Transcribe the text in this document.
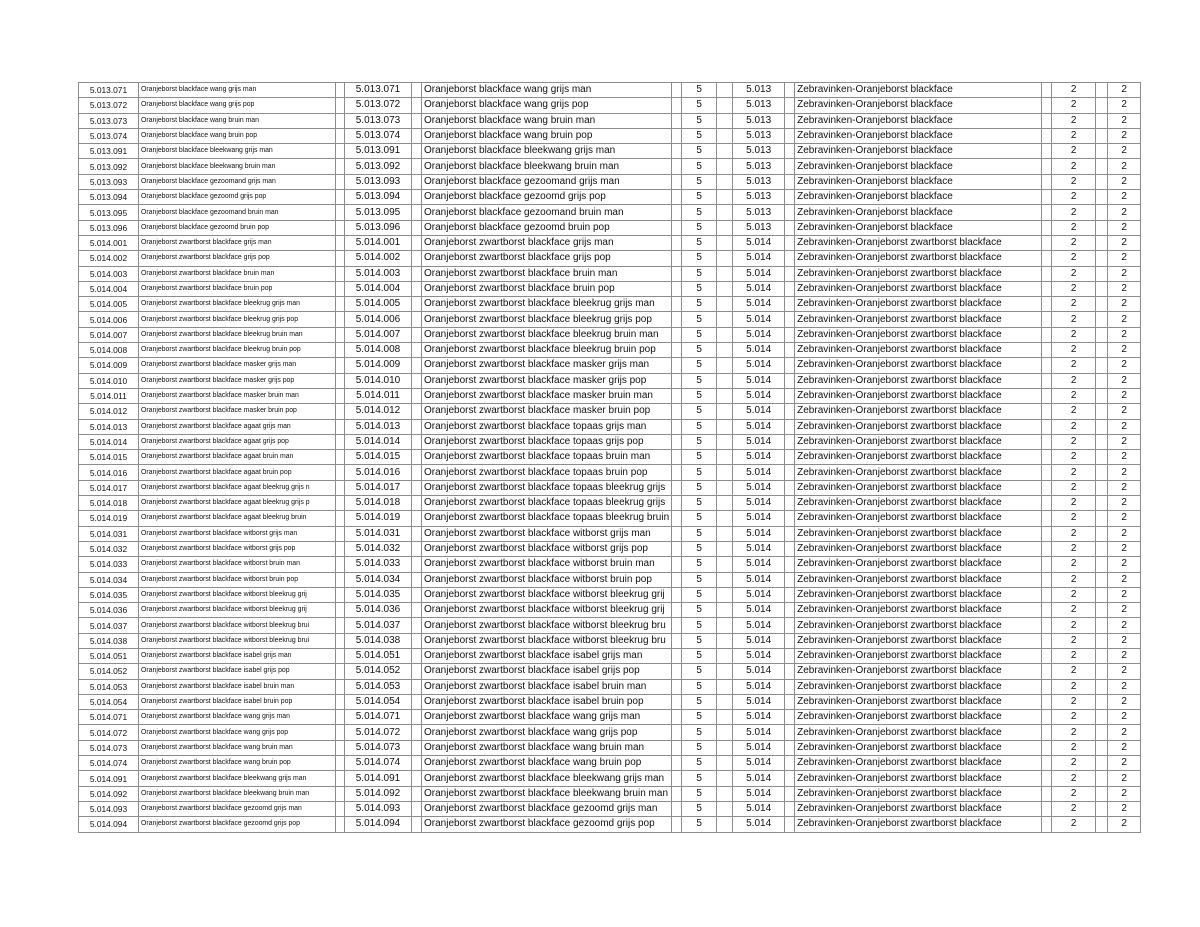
5.013.071	Oranjeborst blackface wang grijs man		5.013.071		Oranjeborst blackface wang grijs man		5		5.013		Zebravinken-Oranjeborst blackface		2		2
5.013.072	Oranjeborst blackface wang grijs pop		5.013.072		Oranjeborst blackface wang grijs pop		5		5.013		Zebravinken-Oranjeborst blackface		2		2
5.013.073	Oranjeborst blackface wang bruin man		5.013.073		Oranjeborst blackface wang bruin man		5		5.013		Zebravinken-Oranjeborst blackface		2		2
5.013.074	Oranjeborst blackface wang bruin pop		5.013.074		Oranjeborst blackface wang bruin pop		5		5.013		Zebravinken-Oranjeborst blackface		2		2
5.013.091	Oranjeborst blackface bleekwang grijs man		5.013.091		Oranjeborst blackface bleekwang grijs man		5		5.013		Zebravinken-Oranjeborst blackface		2		2
5.013.092	Oranjeborst blackface bleekwang bruin man		5.013.092		Oranjeborst blackface bleekwang bruin man		5		5.013		Zebravinken-Oranjeborst blackface		2		2
5.013.093	Oranjeborst blackface gezoomand grijs man		5.013.093		Oranjeborst blackface gezoomand grijs man		5		5.013		Zebravinken-Oranjeborst blackface		2		2
5.013.094	Oranjeborst blackface gezoomd grijs pop		5.013.094		Oranjeborst blackface gezoomd grijs pop		5		5.013		Zebravinken-Oranjeborst blackface		2		2
5.013.095	Oranjeborst blackface gezoomand bruin man		5.013.095		Oranjeborst blackface gezoomand bruin man		5		5.013		Zebravinken-Oranjeborst blackface		2		2
5.013.096	Oranjeborst blackface gezoomd bruin pop		5.013.096		Oranjeborst blackface gezoomd bruin pop		5		5.013		Zebravinken-Oranjeborst blackface		2		2
5.014.001	Oranjeborst zwartborst blackface grijs man		5.014.001		Oranjeborst zwartborst blackface grijs man		5		5.014		Zebravinken-Oranjeborst zwartborst blackface		2		2
5.014.002	Oranjeborst zwartborst blackface grijs pop		5.014.002		Oranjeborst zwartborst blackface grijs pop		5		5.014		Zebravinken-Oranjeborst zwartborst blackface		2		2
5.014.003	Oranjeborst zwartborst blackface bruin man		5.014.003		Oranjeborst zwartborst blackface bruin man		5		5.014		Zebravinken-Oranjeborst zwartborst blackface		2		2
5.014.004	Oranjeborst zwartborst blackface bruin pop		5.014.004		Oranjeborst zwartborst blackface bruin pop		5		5.014		Zebravinken-Oranjeborst zwartborst blackface		2		2
5.014.005	Oranjeborst zwartborst blackface bleekrug grijs man		5.014.005		Oranjeborst zwartborst blackface bleekrug grijs man		5		5.014		Zebravinken-Oranjeborst zwartborst blackface		2		2
5.014.006	Oranjeborst zwartborst blackface bleekrug grijs pop		5.014.006		Oranjeborst zwartborst blackface bleekrug grijs pop		5		5.014		Zebravinken-Oranjeborst zwartborst blackface		2		2
5.014.007	Oranjeborst zwartborst blackface bleekrug bruin man		5.014.007		Oranjeborst zwartborst blackface bleekrug bruin man		5		5.014		Zebravinken-Oranjeborst zwartborst blackface		2		2
5.014.008	Oranjeborst zwartborst blackface bleekrug bruin pop		5.014.008		Oranjeborst zwartborst blackface bleekrug bruin pop		5		5.014		Zebravinken-Oranjeborst zwartborst blackface		2		2
5.014.009	Oranjeborst zwartborst blackface masker grijs man		5.014.009		Oranjeborst zwartborst blackface masker grijs man		5		5.014		Zebravinken-Oranjeborst zwartborst blackface		2		2
5.014.010	Oranjeborst zwartborst blackface masker grijs pop		5.014.010		Oranjeborst zwartborst blackface masker grijs pop		5		5.014		Zebravinken-Oranjeborst zwartborst blackface		2		2
5.014.011	Oranjeborst zwartborst blackface masker bruin man		5.014.011		Oranjeborst zwartborst blackface masker bruin man		5		5.014		Zebravinken-Oranjeborst zwartborst blackface		2		2
5.014.012	Oranjeborst zwartborst blackface masker bruin pop		5.014.012		Oranjeborst zwartborst blackface masker bruin pop		5		5.014		Zebravinken-Oranjeborst zwartborst blackface		2		2
5.014.013	Oranjeborst zwartborst blackface agaat grijs man		5.014.013		Oranjeborst zwartborst blackface topaas grijs man		5		5.014		Zebravinken-Oranjeborst zwartborst blackface		2		2
5.014.014	Oranjeborst zwartborst blackface agaat grijs pop		5.014.014		Oranjeborst zwartborst blackface topaas grijs pop		5		5.014		Zebravinken-Oranjeborst zwartborst blackface		2		2
5.014.015	Oranjeborst zwartborst blackface agaat bruin man		5.014.015		Oranjeborst zwartborst blackface topaas bruin man		5		5.014		Zebravinken-Oranjeborst zwartborst blackface		2		2
5.014.016	Oranjeborst zwartborst blackface agaat bruin pop		5.014.016		Oranjeborst zwartborst blackface topaas bruin pop		5		5.014		Zebravinken-Oranjeborst zwartborst blackface		2		2
5.014.017	Oranjeborst zwartborst blackface agaat bleekrug grijs n		5.014.017		Oranjeborst zwartborst blackface topaas bleekrug grijs		5		5.014		Zebravinken-Oranjeborst zwartborst blackface		2		2
5.014.018	Oranjeborst zwartborst blackface agaat bleekrug grijs p		5.014.018		Oranjeborst zwartborst blackface topaas bleekrug grijs		5		5.014		Zebravinken-Oranjeborst zwartborst blackface		2		2
5.014.019	Oranjeborst zwartborst blackface agaat bleekrug bruin		5.014.019		Oranjeborst zwartborst blackface topaas bleekrug bruin		5		5.014		Zebravinken-Oranjeborst zwartborst blackface		2		2
5.014.031	Oranjeborst zwartborst blackface witborst grijs man		5.014.031		Oranjeborst zwartborst blackface witborst grijs man		5		5.014		Zebravinken-Oranjeborst zwartborst blackface		2		2
5.014.032	Oranjeborst zwartborst blackface witborst grijs pop		5.014.032		Oranjeborst zwartborst blackface witborst grijs pop		5		5.014		Zebravinken-Oranjeborst zwartborst blackface		2		2
5.014.033	Oranjeborst zwartborst blackface witborst bruin man		5.014.033		Oranjeborst zwartborst blackface witborst bruin man		5		5.014		Zebravinken-Oranjeborst zwartborst blackface		2		2
5.014.034	Oranjeborst zwartborst blackface witborst bruin pop		5.014.034		Oranjeborst zwartborst blackface witborst bruin pop		5		5.014		Zebravinken-Oranjeborst zwartborst blackface		2		2
5.014.035	Oranjeborst zwartborst blackface witborst bleekrug grij		5.014.035		Oranjeborst zwartborst blackface witborst bleekrug grij		5		5.014		Zebravinken-Oranjeborst zwartborst blackface		2		2
5.014.036	Oranjeborst zwartborst blackface witborst bleekrug grij		5.014.036		Oranjeborst zwartborst blackface witborst bleekrug grij		5		5.014		Zebravinken-Oranjeborst zwartborst blackface		2		2
5.014.037	Oranjeborst zwartborst blackface witborst bleekrug brui		5.014.037		Oranjeborst zwartborst blackface witborst bleekrug bru		5		5.014		Zebravinken-Oranjeborst zwartborst blackface		2		2
5.014.038	Oranjeborst zwartborst blackface witborst bleekrug brui		5.014.038		Oranjeborst zwartborst blackface witborst bleekrug bru		5		5.014		Zebravinken-Oranjeborst zwartborst blackface		2		2
5.014.051	Oranjeborst zwartborst blackface isabel grijs man		5.014.051		Oranjeborst zwartborst blackface isabel grijs man		5		5.014		Zebravinken-Oranjeborst zwartborst blackface		2		2
5.014.052	Oranjeborst zwartborst blackface isabel grijs pop		5.014.052		Oranjeborst zwartborst blackface isabel grijs pop		5		5.014		Zebravinken-Oranjeborst zwartborst blackface		2		2
5.014.053	Oranjeborst zwartborst blackface isabel bruin man		5.014.053		Oranjeborst zwartborst blackface isabel bruin man		5		5.014		Zebravinken-Oranjeborst zwartborst blackface		2		2
5.014.054	Oranjeborst zwartborst blackface isabel bruin pop		5.014.054		Oranjeborst zwartborst blackface isabel bruin pop		5		5.014		Zebravinken-Oranjeborst zwartborst blackface		2		2
5.014.071	Oranjeborst zwartborst blackface wang grijs man		5.014.071		Oranjeborst zwartborst blackface wang grijs man		5		5.014		Zebravinken-Oranjeborst zwartborst blackface		2		2
5.014.072	Oranjeborst zwartborst blackface wang grijs pop		5.014.072		Oranjeborst zwartborst blackface wang grijs pop		5		5.014		Zebravinken-Oranjeborst zwartborst blackface		2		2
5.014.073	Oranjeborst zwartborst blackface wang bruin man		5.014.073		Oranjeborst zwartborst blackface wang bruin man		5		5.014		Zebravinken-Oranjeborst zwartborst blackface		2		2
5.014.074	Oranjeborst zwartborst blackface wang bruin pop		5.014.074		Oranjeborst zwartborst blackface wang bruin pop		5		5.014		Zebravinken-Oranjeborst zwartborst blackface		2		2
5.014.091	Oranjeborst zwartborst blackface bleekwang grijs man		5.014.091		Oranjeborst zwartborst blackface bleekwang grijs man		5		5.014		Zebravinken-Oranjeborst zwartborst blackface		2		2
5.014.092	Oranjeborst zwartborst blackface bleekwang bruin man		5.014.092		Oranjeborst zwartborst blackface bleekwang bruin man		5		5.014		Zebravinken-Oranjeborst zwartborst blackface		2		2
5.014.093	Oranjeborst zwartborst blackface gezoomd grijs man		5.014.093		Oranjeborst zwartborst blackface gezoomd grijs man		5		5.014		Zebravinken-Oranjeborst zwartborst blackface		2		2
5.014.094	Oranjeborst zwartborst blackface gezoomd grijs pop		5.014.094		Oranjeborst zwartborst blackface gezoomd grijs pop		5		5.014		Zebravinken-Oranjeborst zwartborst blackface		2		2
